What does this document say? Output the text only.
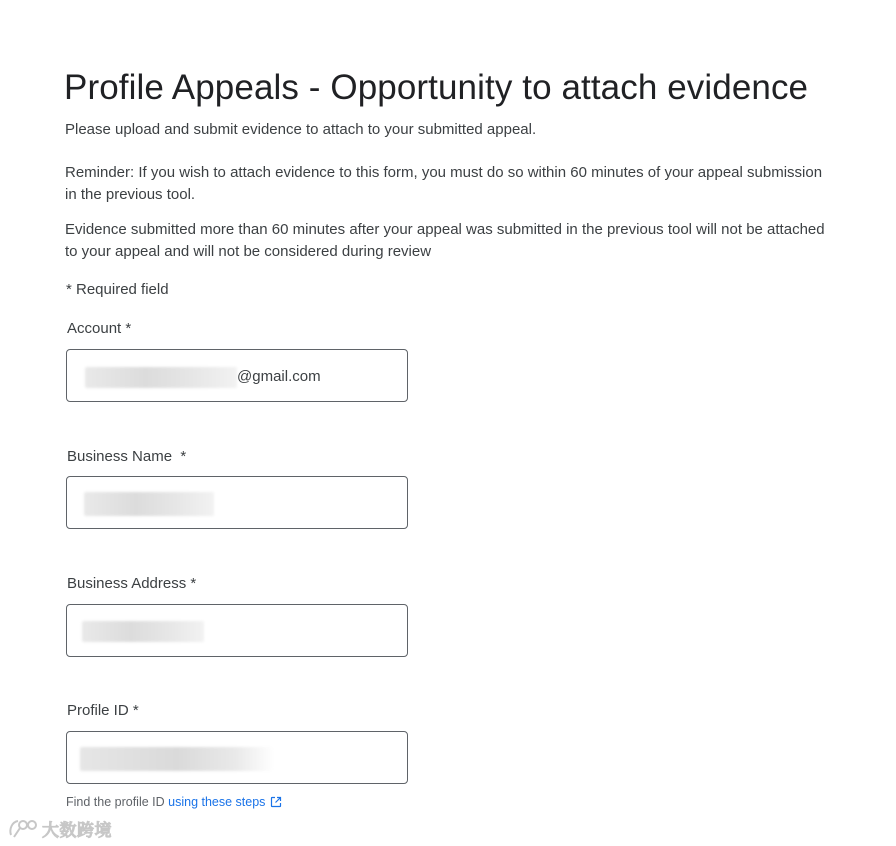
Profile Appeals - Opportunity to attach evidence

Please upload and submit evidence to attach to your submitted appeal.

Reminder: If you wish to attach evidence to this form, you must do so within 60 minutes of your appeal submission in the previous tool.

Evidence submitted more than 60 minutes after your appeal was submitted in the previous tool will not be attached to your appeal and will not be considered during review

* Required field
Account *
@gmail.com
Business Name  *
Business Address *
Profile ID *
Find the profile ID using these steps
大数跨境
